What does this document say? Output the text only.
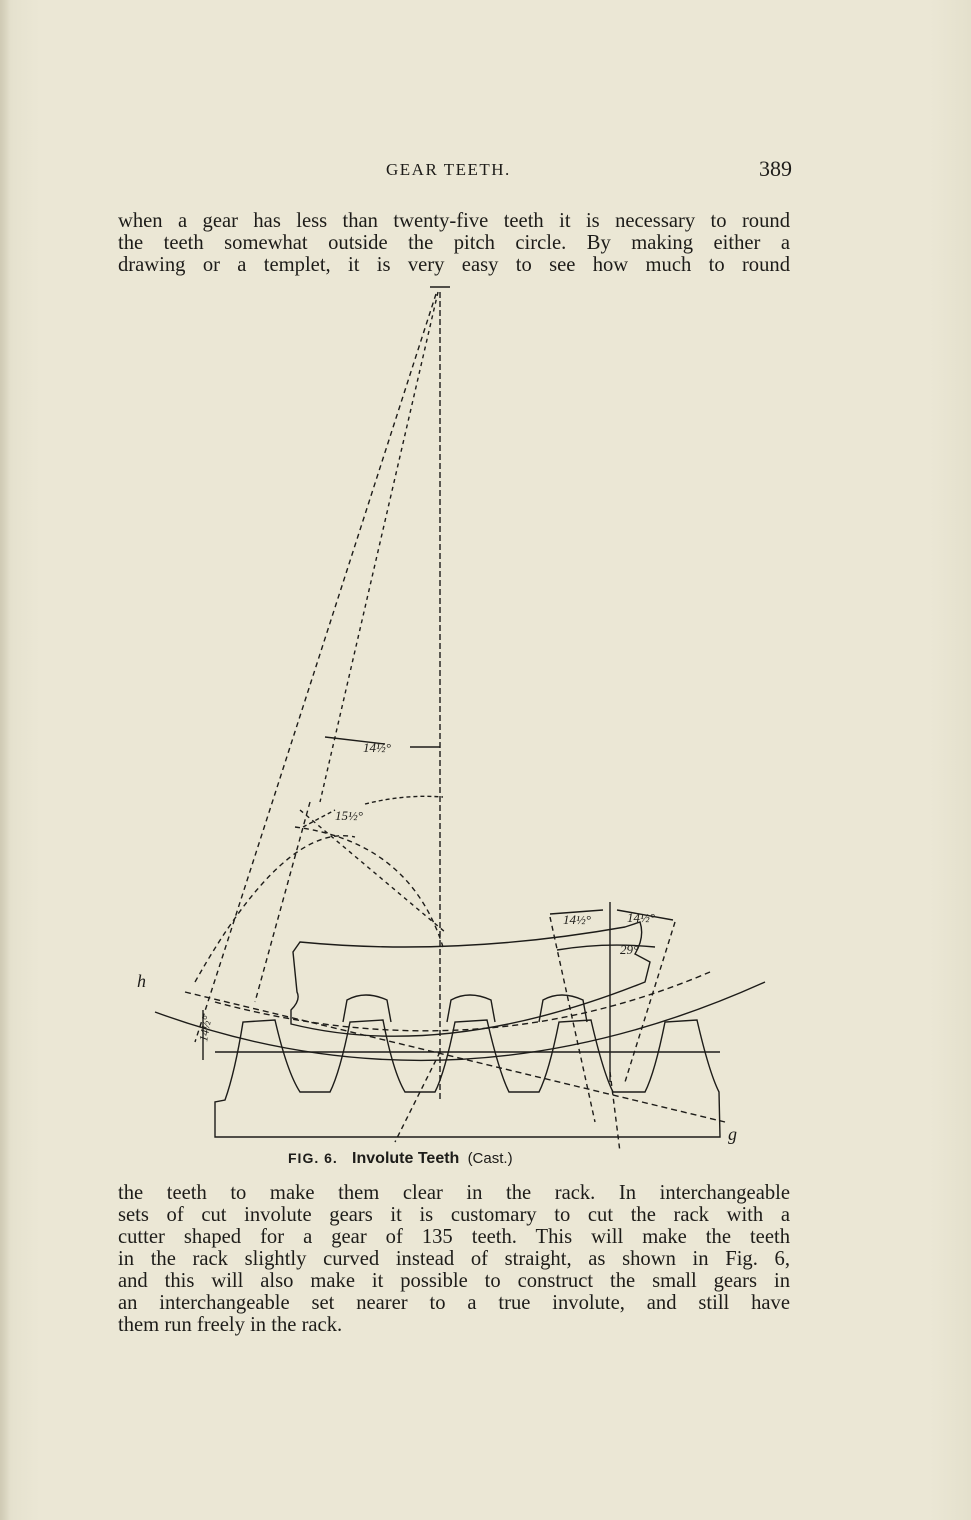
GEAR TEETH.	389

when a gear has less than twenty-five teeth it is necessary to round
the teeth somewhat outside the pitch circle. By making either a
drawing or a templet, it is very easy to see how much to round

14½°
15½°
14½°
14½°	14½°
29°
h
g
FIG. 6. Involute Teeth (Cast.)

the teeth to make them clear in the rack. In interchangeable
sets of cut involute gears it is customary to cut the rack with a
cutter shaped for a gear of 135 teeth. This will make the teeth
in the rack slightly curved instead of straight, as shown in Fig. 6,
and this will also make it possible to construct the small gears in
an interchangeable set nearer to a true involute, and still have
them run freely in the rack.
